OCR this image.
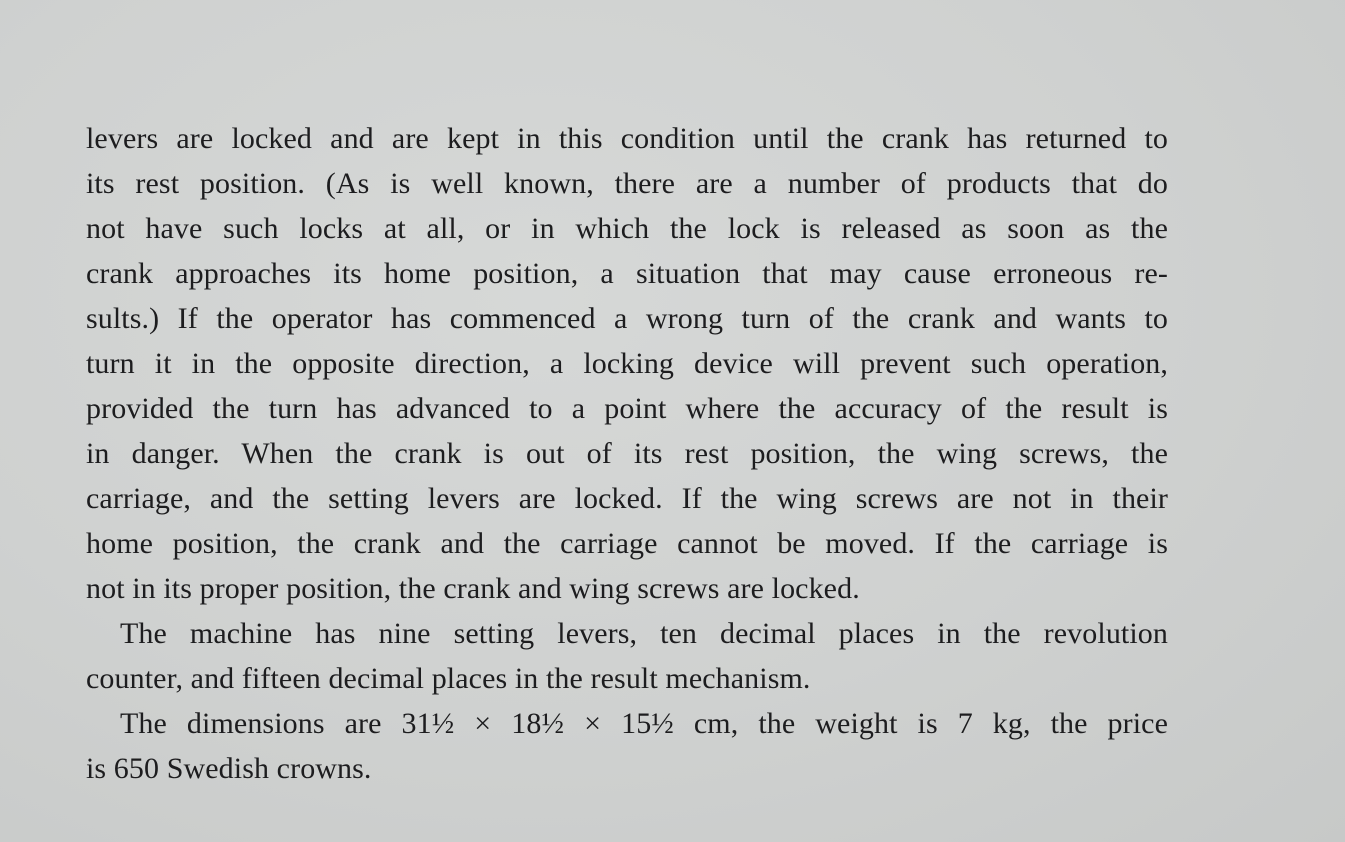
levers are locked and are kept in this condition until the crank has returned to
its rest position. (As is well known, there are a number of products that do
not have such locks at all, or in which the lock is released as soon as the
crank approaches its home position, a situation that may cause erroneous re-
sults.) If the operator has commenced a wrong turn of the crank and wants to
turn it in the opposite direction, a locking device will prevent such operation,
provided the turn has advanced to a point where the accuracy of the result is
in danger. When the crank is out of its rest position, the wing screws, the
carriage, and the setting levers are locked. If the wing screws are not in their
home position, the crank and the carriage cannot be moved. If the carriage is
not in its proper position, the crank and wing screws are locked.

The machine has nine setting levers, ten decimal places in the revolution
counter, and fifteen decimal places in the result mechanism.

The dimensions are 31½ × 18½ × 15½ cm, the weight is 7 kg, the price
is 650 Swedish crowns.
